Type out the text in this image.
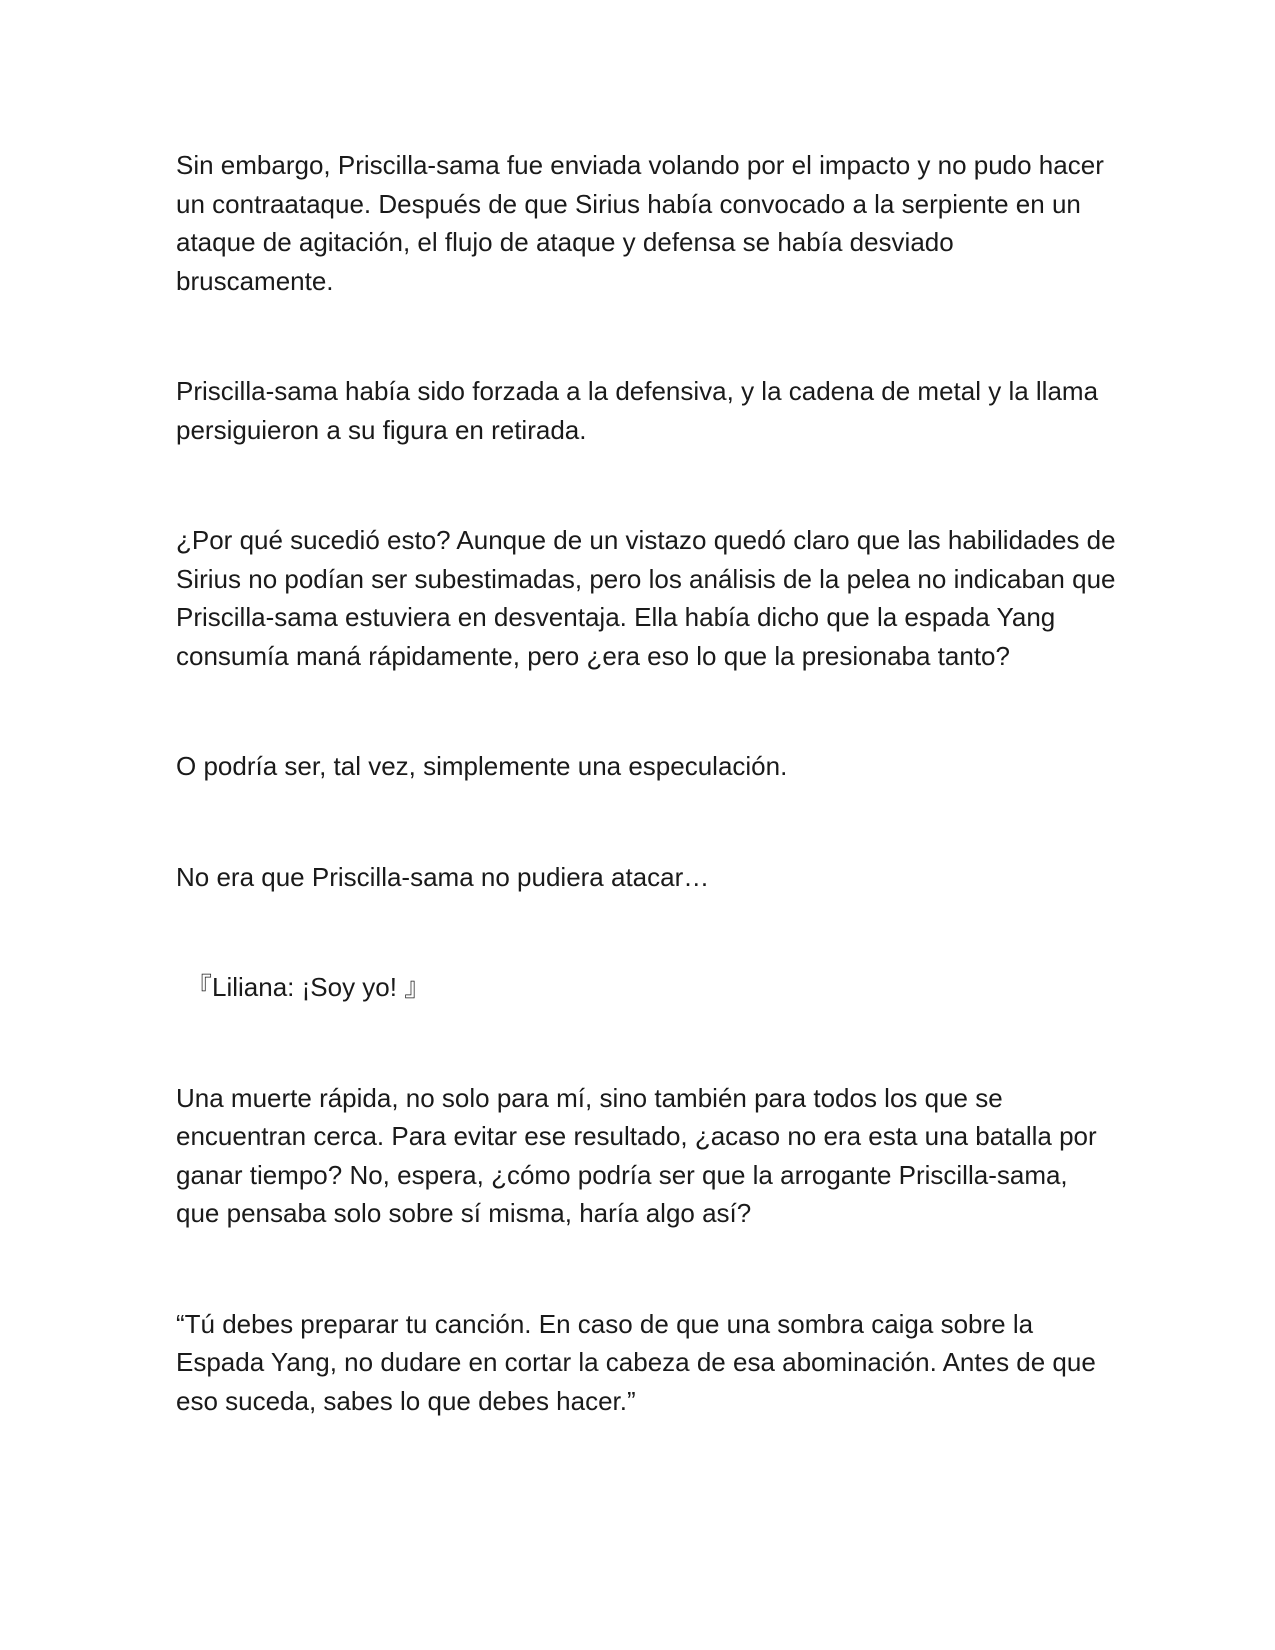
Sin embargo, Priscilla-sama fue enviada volando por el impacto y no pudo hacer un contraataque. Después de que Sirius había convocado a la serpiente en un ataque de agitación, el flujo de ataque y defensa se había desviado bruscamente.

Priscilla-sama había sido forzada a la defensiva, y la cadena de metal y la llama persiguieron a su figura en retirada.

¿Por qué sucedió esto? Aunque de un vistazo quedó claro que las habilidades de Sirius no podían ser subestimadas, pero los análisis de la pelea no indicaban que Priscilla-sama estuviera en desventaja. Ella había dicho que la espada Yang consumía maná rápidamente, pero ¿era eso lo que la presionaba tanto?

O podría ser, tal vez, simplemente una especulación.

No era que Priscilla-sama no pudiera atacar…

『Liliana: ¡Soy yo! 』

Una muerte rápida, no solo para mí, sino también para todos los que se encuentran cerca. Para evitar ese resultado, ¿acaso no era esta una batalla por ganar tiempo? No, espera, ¿cómo podría ser que la arrogante Priscilla-sama, que pensaba solo sobre sí misma, haría algo así?

“Tú debes preparar tu canción. En caso de que una sombra caiga sobre la Espada Yang, no dudare en cortar la cabeza de esa abominación. Antes de que eso suceda, sabes lo que debes hacer.”
